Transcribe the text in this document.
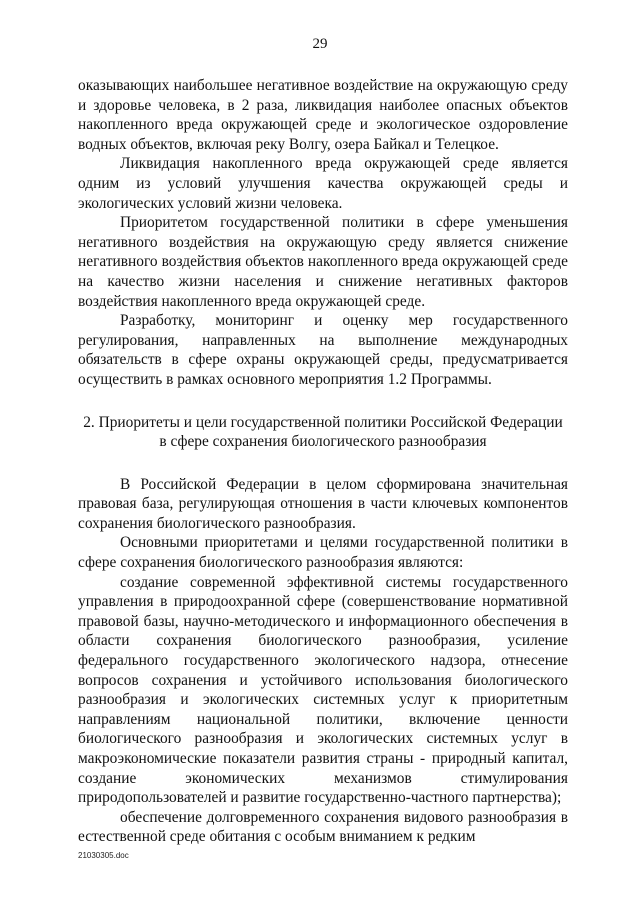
29

оказывающих наибольшее негативное воздействие на окружающую среду и здоровье человека, в 2 раза, ликвидация наиболее опасных объектов накопленного вреда окружающей среде и экологическое оздоровление водных объектов, включая реку Волгу, озера Байкал и Телецкое.

Ликвидация накопленного вреда окружающей среде является одним из условий улучшения качества окружающей среды и экологических условий жизни человека.

Приоритетом государственной политики в сфере уменьшения негативного воздействия на окружающую среду является снижение негативного воздействия объектов накопленного вреда окружающей среде на качество жизни населения и снижение негативных факторов воздействия накопленного вреда окружающей среде.

Разработку, мониторинг и оценку мер государственного регулирования, направленных на выполнение международных обязательств в сфере охраны окружающей среды, предусматривается осуществить в рамках основного мероприятия 1.2 Программы.

2. Приоритеты и цели государственной политики Российской Федерации
в сфере сохранения биологического разнообразия

В Российской Федерации в целом сформирована значительная правовая база, регулирующая отношения в части ключевых компонентов сохранения биологического разнообразия.

Основными приоритетами и целями государственной политики в сфере сохранения биологического разнообразия являются:

создание современной эффективной системы государственного управления в природоохранной сфере (совершенствование нормативной правовой базы, научно-методического и информационного обеспечения в области сохранения биологического разнообразия, усиление федерального государственного экологического надзора, отнесение вопросов сохранения и устойчивого использования биологического разнообразия и экологических системных услуг к приоритетным направлениям национальной политики, включение ценности биологического разнообразия и экологических системных услуг в макроэкономические показатели развития страны - природный капитал, создание экономических механизмов стимулирования природопользователей и развитие государственно-частного партнерства);

обеспечение долговременного сохранения видового разнообразия в естественной среде обитания с особым вниманием к редким

21030305.doc
